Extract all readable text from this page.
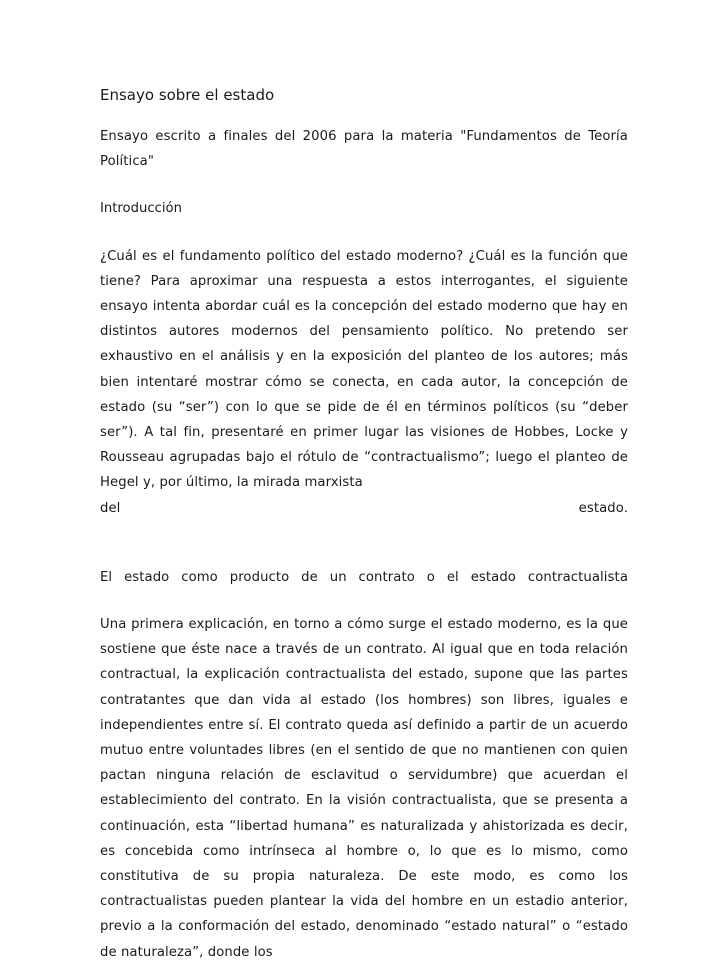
Ensayo sobre el estado

Ensayo escrito a finales del 2006 para la materia "Fundamentos de Teoría Política"

Introducción

¿Cuál es el fundamento político del estado moderno? ¿Cuál es la función que tiene? Para aproximar una respuesta a estos interrogantes, el siguiente ensayo intenta abordar cuál es la concepción del estado moderno que hay en distintos autores modernos del pensamiento político. No pretendo ser exhaustivo en el análisis y en la exposición del planteo de los autores; más bien intentaré mostrar cómo se conecta, en cada autor, la concepción de estado (su “ser”) con lo que se pide de él en términos políticos (su “deber ser”). A tal fin, presentaré en primer lugar las visiones de Hobbes, Locke y Rousseau agrupadas bajo el rótulo de “contractualismo”; luego el planteo de Hegel y, por último, la mirada marxista

del estado.

El estado como producto de un contrato o el estado contractualista

Una primera explicación, en torno a cómo surge el estado moderno, es la que sostiene que éste nace a través de un contrato. Al igual que en toda relación contractual, la explicación contractualista del estado, supone que las partes contratantes que dan vida al estado (los hombres) son libres, iguales e independientes entre sí. El contrato queda así definido a partir de un acuerdo mutuo entre voluntades libres (en el sentido de que no mantienen con quien pactan ninguna relación de esclavitud o servidumbre) que acuerdan el establecimiento del contrato. En la visión contractualista, que se presenta a continuación, esta “libertad humana” es naturalizada y ahistorizada es decir, es concebida como intrínseca al hombre o, lo que es lo mismo, como constitutiva de su propia naturaleza. De este modo, es como los contractualistas pueden plantear la vida del hombre en un estadio anterior, previo a la conformación del estado, denominado “estado natural” o “estado de naturaleza”, donde los
